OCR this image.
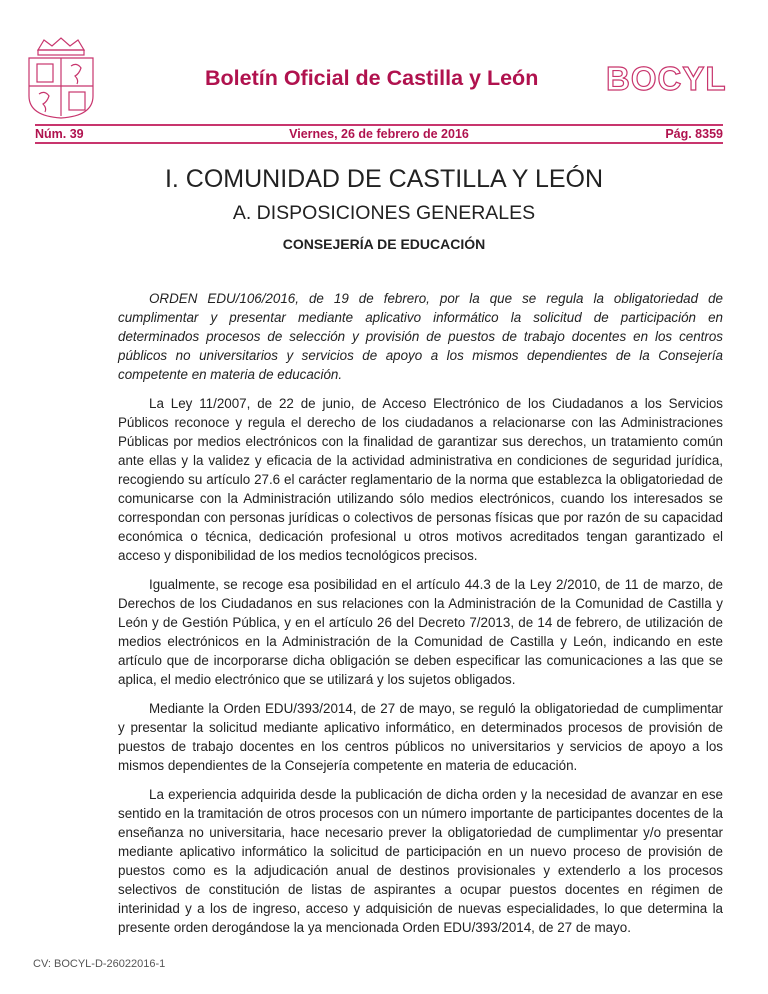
Boletín Oficial de Castilla y León BOCYL
Núm. 39	Viernes, 26 de febrero de 2016	Pág. 8359
I. COMUNIDAD DE CASTILLA Y LEÓN
A. DISPOSICIONES GENERALES
CONSEJERÍA DE EDUCACIÓN

ORDEN EDU/106/2016, de 19 de febrero, por la que se regula la obligatoriedad de cumplimentar y presentar mediante aplicativo informático la solicitud de participación en determinados procesos de selección y provisión de puestos de trabajo docentes en los centros públicos no universitarios y servicios de apoyo a los mismos dependientes de la Consejería competente en materia de educación.

La Ley 11/2007, de 22 de junio, de Acceso Electrónico de los Ciudadanos a los Servicios Públicos reconoce y regula el derecho de los ciudadanos a relacionarse con las Administraciones Públicas por medios electrónicos con la finalidad de garantizar sus derechos, un tratamiento común ante ellas y la validez y eficacia de la actividad administrativa en condiciones de seguridad jurídica, recogiendo su artículo 27.6 el carácter reglamentario de la norma que establezca la obligatoriedad de comunicarse con la Administración utilizando sólo medios electrónicos, cuando los interesados se correspondan con personas jurídicas o colectivos de personas físicas que por razón de su capacidad económica o técnica, dedicación profesional u otros motivos acreditados tengan garantizado el acceso y disponibilidad de los medios tecnológicos precisos.

Igualmente, se recoge esa posibilidad en el artículo 44.3 de la Ley 2/2010, de 11 de marzo, de Derechos de los Ciudadanos en sus relaciones con la Administración de la Comunidad de Castilla y León y de Gestión Pública, y en el artículo 26 del Decreto 7/2013, de 14 de febrero, de utilización de medios electrónicos en la Administración de la Comunidad de Castilla y León, indicando en este artículo que de incorporarse dicha obligación se deben especificar las comunicaciones a las que se aplica, el medio electrónico que se utilizará y los sujetos obligados.

Mediante la Orden EDU/393/2014, de 27 de mayo, se reguló la obligatoriedad de cumplimentar y presentar la solicitud mediante aplicativo informático, en determinados procesos de provisión de puestos de trabajo docentes en los centros públicos no universitarios y servicios de apoyo a los mismos dependientes de la Consejería competente en materia de educación.

La experiencia adquirida desde la publicación de dicha orden y la necesidad de avanzar en ese sentido en la tramitación de otros procesos con un número importante de participantes docentes de la enseñanza no universitaria, hace necesario prever la obligatoriedad de cumplimentar y/o presentar mediante aplicativo informático la solicitud de participación en un nuevo proceso de provisión de puestos como es la adjudicación anual de destinos provisionales y extenderlo a los procesos selectivos de constitución de listas de aspirantes a ocupar puestos docentes en régimen de interinidad y a los de ingreso, acceso y adquisición de nuevas especialidades, lo que determina la presente orden derogándose la ya mencionada Orden EDU/393/2014, de 27 de mayo.

CV: BOCYL-D-26022016-1
